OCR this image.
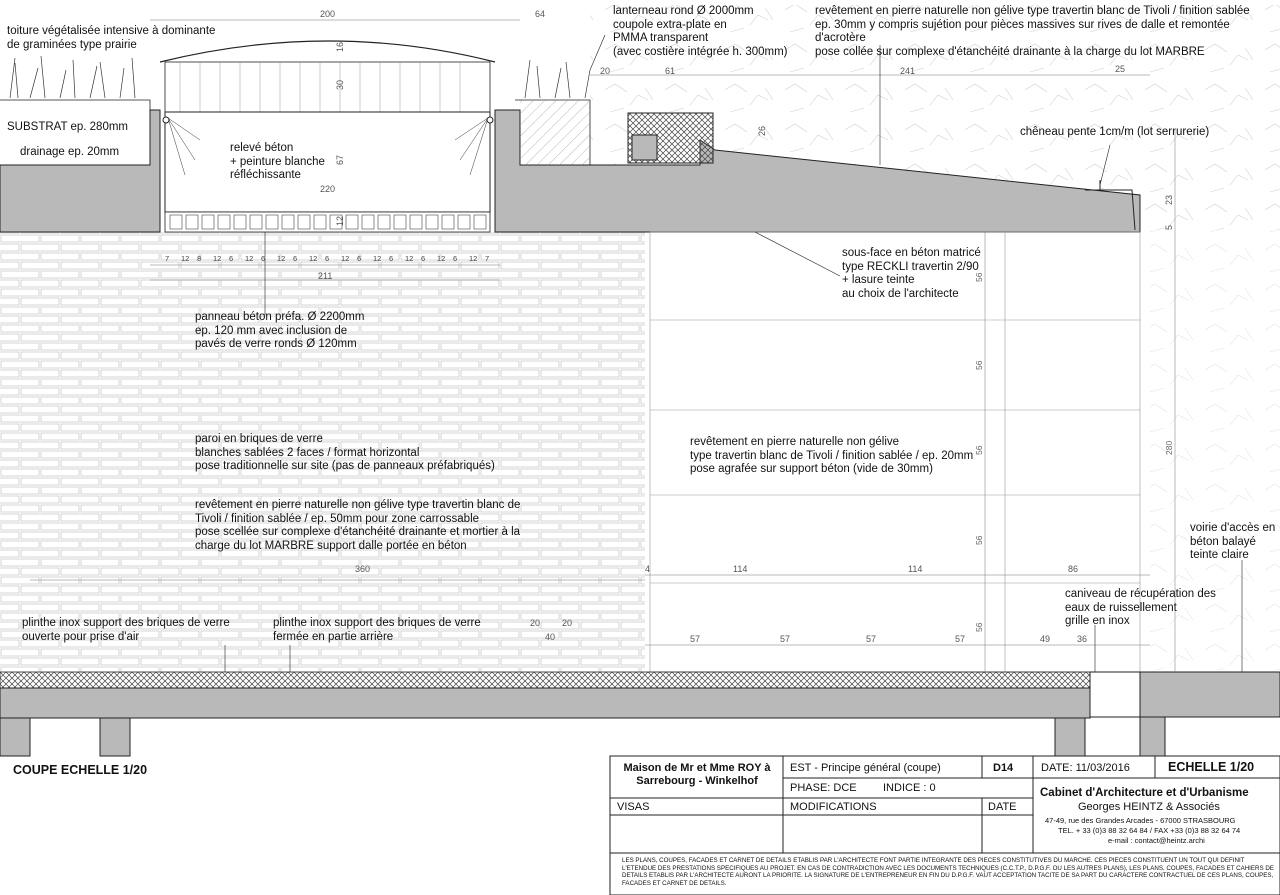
200	64
16
30
67
220
12
20	61	241	25
26
23
5
360	4	114	114	86
20 20
40	57	57	57	57	49	36
56
56
56
56
56
280
211
7 12 8 12 6 12 6 12 6 12 6 12 6 12 6 12 6 12 6 12 7
toiture végétalisée intensive à dominante
de graminées type prairie
SUBSTRAT ep. 280mm
drainage ep. 20mm
lanterneau rond Ø 2000mm
coupole extra-plate en
PMMA transparent
(avec costière intégrée h. 300mm)
revêtement en pierre naturelle non gélive type travertin blanc de Tivoli / finition sablée
ep. 30mm y compris sujétion pour pièces massives sur rives de dalle et remontée d'acrotère
pose collée sur complexe d'étanchéité drainante à la charge du lot MARBRE
relevé béton
+ peinture blanche
réfléchissante
chêneau pente 1cm/m (lot serrurerie)
sous-face en béton matricé
type RECKLI travertin 2/90
+ lasure teinte
au choix de l'architecte
panneau béton préfa. Ø 2200mm
ep. 120 mm avec inclusion de
pavés de verre ronds Ø 120mm
paroi en briques de verre
blanches sablées 2 faces / format horizontal
pose traditionnelle sur site (pas de panneaux préfabriqués)
revêtement en pierre naturelle non gélive
type travertin blanc de Tivoli / finition sablée / ep. 20mm
pose agrafée sur support béton (vide de 30mm)
revêtement en pierre naturelle non gélive type travertin blanc de
Tivoli / finition sablée / ep. 50mm pour zone carrossable
pose scellée sur complexe d'étanchéité drainante et mortier à la
charge du lot MARBRE support dalle portée en béton
voirie d'accès en
béton balayé
teinte claire
caniveau de récupération des
eaux de ruissellement
grille en inox
plinthe inox support des briques de verre
ouverte pour prise d'air
plinthe inox support des briques de verre
fermée en partie arrière
COUPE ECHELLE 1/20	Maison de Mr et Mme ROY à Sarrebourg - Winkelhof
EST - Principe général (coupe)	D14	DATE: 11/03/2016	ECHELLE 1/20
PHASE: DCE INDICE : 0
VISAS	MODIFICATIONS	DATE
Cabinet d'Architecture et d'Urbanisme
Georges HEINTZ & Associés
47-49, rue des Grandes Arcades - 67000 STRASBOURG
TEL. + 33 (0)3 88 32 64 84 / FAX +33 (0)3 88 32 64 74
e-mail : contact@heintz.archi
LES PLANS, COUPES, FACADES ET CARNET DE DETAILS ETABLIS PAR L'ARCHITECTE FONT PARTIE INTEGRANTE DES PIECES CONSTITUTIVES DU MARCHE. CES PIECES CONSTITUENT UN TOUT QUI DEFINIT L'ETENDUE DES PRESTATIONS SPECIFIQUES AU PROJET. EN CAS DE CONTRADICTION AVEC LES DOCUMENTS TECHNIQUES (C.C.T.P., D.P.G.F. OU LES AUTRES PLANS), LES PLANS, COUPES, FACADES ET CAHIERS DE DETAILS ETABLIS PAR L'ARCHITECTE AURONT LA PRIORITE. LA SIGNATURE DE L'ENTREPRENEUR EN FIN DU D.P.G.F. VAUT ACCEPTATION TACITE DE SA PART DU CARACTERE CONTRACTUEL DE CES PLANS, COUPES, FACADES ET CARNET DE DETAILS.
